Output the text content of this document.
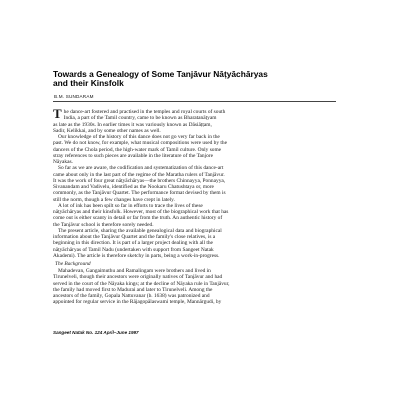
Towards a Genealogy of Some Tanjāvur Nāṭyāchāryas
and their Kinsfolk
B.M. SUNDARAM
The dance-art fostered and practised in the temples and royal courts of south
India, a part of the Tamil country, came to be known as Bharatanāṭyam
as late as the 1930s. In earlier times it was variously known as Dāsiāṭṭam,
Sadir, Kelikkai, and by some other names as well.
Our knowledge of the history of this dance does not go very far back in the
past. We do not know, for example, what musical compositions were used by the
dancers of the Chola period, the high-water mark of Tamil culture. Only some
stray references to such pieces are available in the literature of the Tanjore
Nāyakas.
So far as we are aware, the codification and systematization of this dance-art
came about only in the last part of the regime of the Maratha rulers of Tanjāvur.
It was the work of four great nāṭyāchāryas—the brothers Chinnayya, Ponnayya,
Sivanandam and Vadivelu, identified as the Nookaru Chatushtaya or, more
commonly, as the Tanjāvur Quartet. The performance format devised by them is
still the norm, though a few changes have crept in lately.
A lot of ink has been spilt so far in efforts to trace the lives of these
nāṭyāchāryas and their kinsfolk. However, most of the biographical work that has
come out is either scanty in detail or far from the truth. An authentic history of
the Tanjāvur school is therefore sorely needed.
The present article, sharing the available genealogical data and biographical
information about the Tanjāvur Quartet and the family's close relatives, is a
beginning in this direction. It is part of a larger project dealing with all the
nāṭyāchāryas of Tamil Nadu (undertaken with support from Sangeet Natak
Akademi). The article is therefore sketchy in parts, being a work-in-progress.
The Background
Mahadevan, Gangaimuthu and Ramalingam were brothers and lived in
Tirunelveli, though their ancestors were originally natives of Tanjāvur and had
served in the court of the Nāyaka kings; at the decline of Nāyaka rule in Tanjāvur,
the family had moved first to Madurai and later to Tirunelveli. Among the
ancestors of the family, Gopala Nattuvanar (b. 1638) was patronized and
appointed for regular service in the Rājagopālaswami temple, Mannārgudi, by
Sangeet Natak No. 124 April–June 1997
